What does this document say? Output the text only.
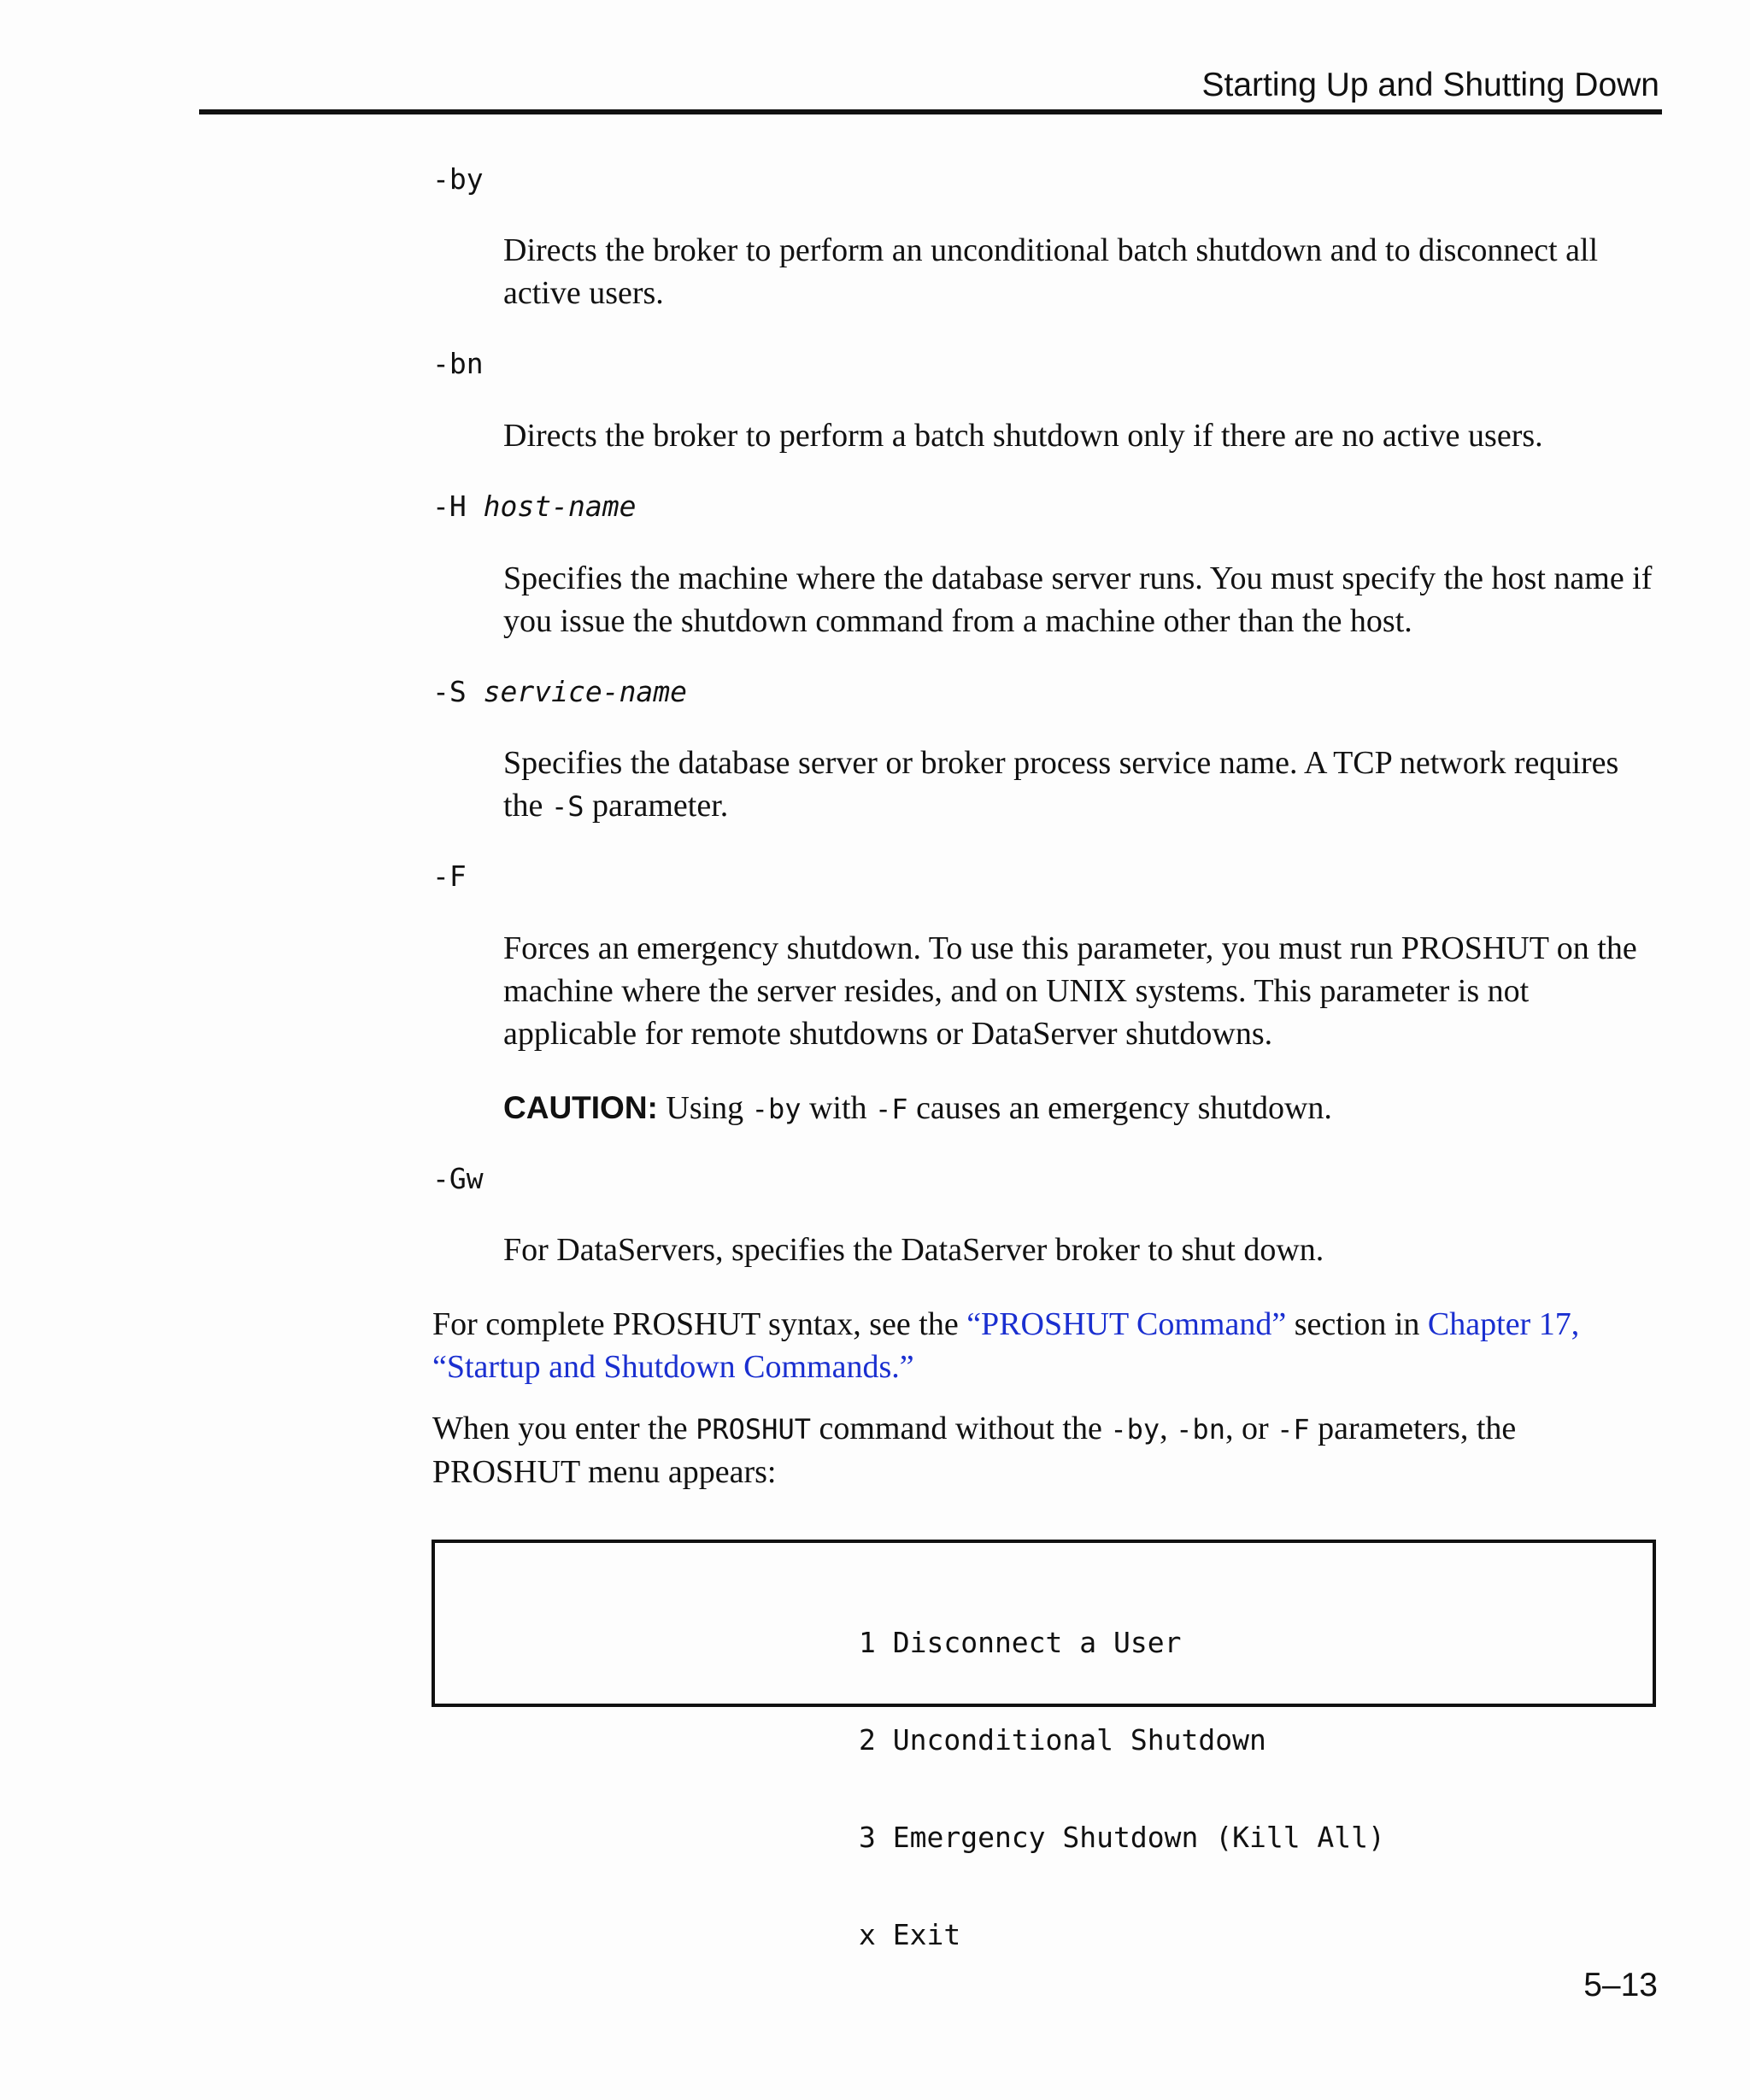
Starting Up and Shutting Down

-by

Directs the broker to perform an unconditional batch shutdown and to disconnect all active users.

-bn

Directs the broker to perform a batch shutdown only if there are no active users.

-H host-name

Specifies the machine where the database server runs. You must specify the host name if you issue the shutdown command from a machine other than the host.

-S service-name

Specifies the database server or broker process service name. A TCP network requires the -S parameter.

-F

Forces an emergency shutdown. To use this parameter, you must run PROSHUT on the machine where the server resides, and on UNIX systems. This parameter is not applicable for remote shutdowns or DataServer shutdowns.

CAUTION: Using -by with -F causes an emergency shutdown.

-Gw

For DataServers, specifies the DataServer broker to shut down.

For complete PROSHUT syntax, see the “PROSHUT Command” section in Chapter 17, “Startup and Shutdown Commands.”

When you enter the PROSHUT command without the -by, -bn, or -F parameters, the PROSHUT menu appears:

1 Disconnect a User

2 Unconditional Shutdown

3 Emergency Shutdown (Kill All)

x Exit

5–13
